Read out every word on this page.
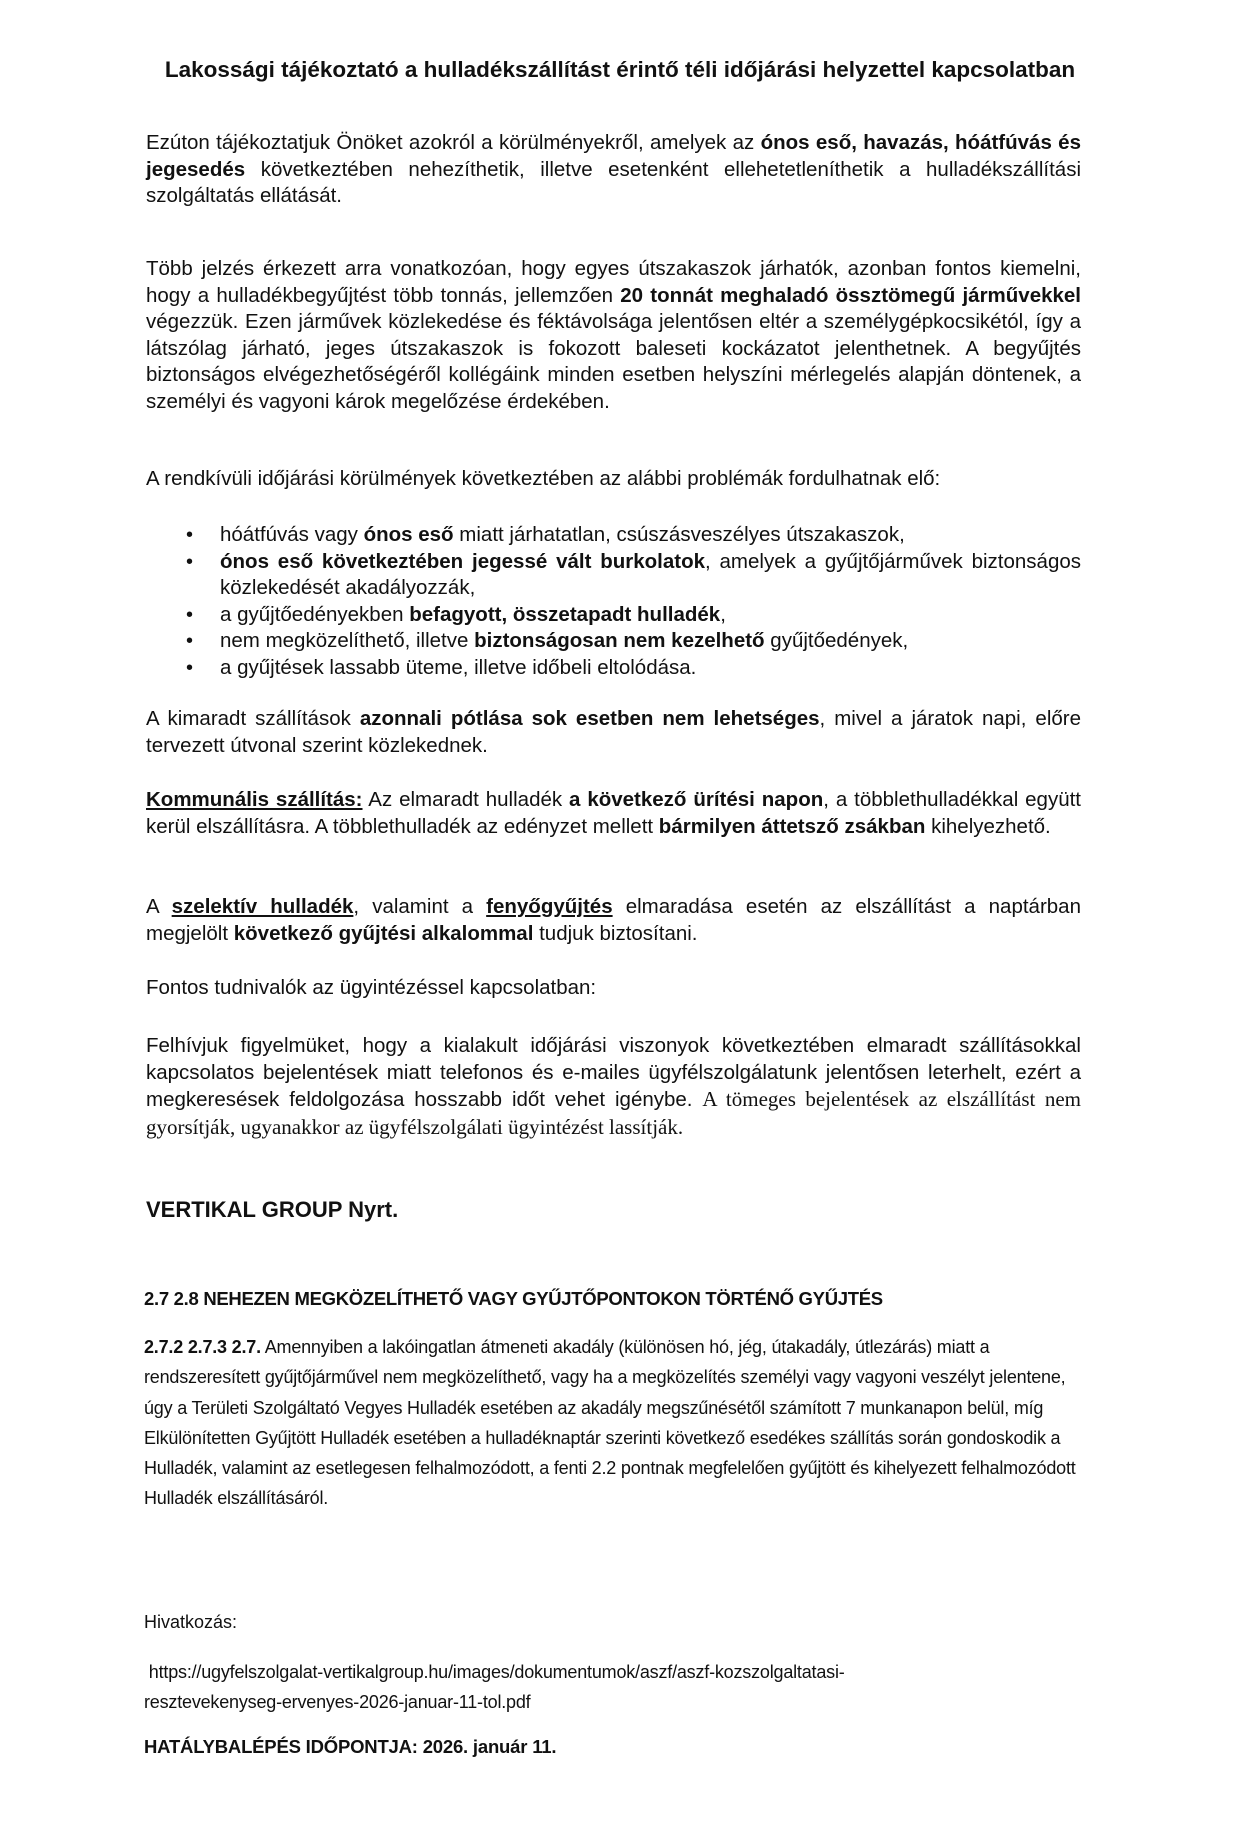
Lakossági tájékoztató a hulladékszállítást érintő téli időjárási helyzettel kapcsolatban

Ezúton tájékoztatjuk Önöket azokról a körülményekről, amelyek az ónos eső, havazás, hóátfúvás és jegesedés következtében nehezíthetik, illetve esetenként ellehetetleníthetik a hulladékszállítási szolgáltatás ellátását.

Több jelzés érkezett arra vonatkozóan, hogy egyes útszakaszok járhatók, azonban fontos kiemelni, hogy a hulladékbegyűjtést több tonnás, jellemzően 20 tonnát meghaladó össztömegű járművekkel végezzük. Ezen járművek közlekedése és féktávolsága jelentősen eltér a személygépkocsikétól, így a látszólag járható, jeges útszakaszok is fokozott baleseti kockázatot jelenthetnek. A begyűjtés biztonságos elvégezhetőségéről kollégáink minden esetben helyszíni mérlegelés alapján döntenek, a személyi és vagyoni károk megelőzése érdekében.

A rendkívüli időjárási körülmények következtében az alábbi problémák fordulhatnak elő:

• hóátfúvás vagy ónos eső miatt járhatatlan, csúszásveszélyes útszakaszok,
• ónos eső következtében jegessé vált burkolatok, amelyek a gyűjtőjárművek biztonságos közlekedését akadályozzák,
• a gyűjtőedényekben befagyott, összetapadt hulladék,
• nem megközelíthető, illetve biztonságosan nem kezelhető gyűjtőedények,
• a gyűjtések lassabb üteme, illetve időbeli eltolódása.

A kimaradt szállítások azonnali pótlása sok esetben nem lehetséges, mivel a járatok napi, előre tervezett útvonal szerint közlekednek.

Kommunális szállítás: Az elmaradt hulladék a következő ürítési napon, a többlethulladékkal együtt kerül elszállításra. A többlethulladék az edényzet mellett bármilyen áttetsző zsákban kihelyezhető.

A szelektív hulladék, valamint a fenyőgyűjtés elmaradása esetén az elszállítást a naptárban megjelölt következő gyűjtési alkalommal tudjuk biztosítani.

Fontos tudnivalók az ügyintézéssel kapcsolatban:

Felhívjuk figyelmüket, hogy a kialakult időjárási viszonyok következtében elmaradt szállításokkal kapcsolatos bejelentések miatt telefonos és e-mailes ügyfélszolgálatunk jelentősen leterhelt, ezért a megkeresések feldolgozása hosszabb időt vehet igénybe. A tömeges bejelentések az elszállítást nem gyorsítják, ugyanakkor az ügyfélszolgálati ügyintézést lassítják.

VERTIKAL GROUP Nyrt.
2.7 2.8 NEHEZEN MEGKÖZELÍTHETŐ VAGY GYŰJTŐPONTOKON TÖRTÉNŐ GYŰJTÉS

2.7.2 2.7.3 2.7. Amennyiben a lakóingatlan átmeneti akadály (különösen hó, jég, útakadály, útlezárás) miatt a rendszeresített gyűjtőjárművel nem megközelíthető, vagy ha a megközelítés személyi vagy vagyoni veszélyt jelentene, úgy a Területi Szolgáltató Vegyes Hulladék esetében az akadály megszűnésétől számított 7 munkanapon belül, míg Elkülönítetten Gyűjtött Hulladék esetében a hulladéknaptár szerinti következő esedékes szállítás során gondoskodik a Hulladék, valamint az esetlegesen felhalmozódott, a fenti 2.2 pontnak megfelelően gyűjtött és kihelyezett felhalmozódott Hulladék elszállításáról.

Hivatkozás:
https://ugyfelszolgalat-vertikalgroup.hu/images/dokumentumok/aszf/aszf-kozszolgaltatasi-
resztevekenyseg-ervenyes-2026-januar-11-tol.pdf
HATÁLYBALÉPÉS IDŐPONTJA: 2026. január 11.
